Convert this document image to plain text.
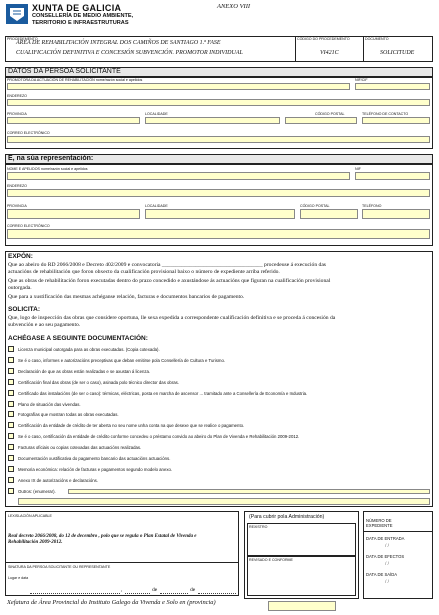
XUNTA DE GALICIA
CONSELLERÍA DE MEDIO AMBIENTE,
TERRITORIO E INFRAESTRUTURAS
ANEXO VIII
PROCEDEMENTO
ÁREA DE REHABILITACIÓN INTEGRAL DOS CAMIÑOS DE SANTIAGO 1.ª FASE
CUALIFICACIÓN DEFINITIVA E CONCESIÓN SUBVENCIÓN. PROMOTOR INDIVIDUAL
CÓDIGO DO PROCEDEMENTO
VI421C
DOCUMENTO
SOLICITUDE
DATOS DA PERSOA SOLICITANTE
PROMOTORA DA ACTUACIÓN DE REHABILITACIÓN nome/razón social e apelidos	NIF/CIF
ENDEREZO
PROVINCIA	LOCALIDADE	CÓDIGO POSTAL	TELÉFONO DE CONTACTO
CORREO ELECTRÓNICO
E, na súa representación:
NOME E APELIDOS nome/razón social e apelidos	NIF
ENDEREZO
PROVINCIA	LOCALIDADE	CÓDIGO POSTAL	TELÉFONO
CORREO ELECTRÓNICO
EXPÓN:
Que ao abeiro do RD 2066/2008 e Decreto 402/2009 e convocatoria ____________________________________ procedeuse á execución das
actuacións de rehabilitación que foron obxecto da cualificación provisional baixo o número de expediente arriba referido.
Que as obras de rehabilitación foron executadas dentro do prazo concedido e axustándose ás actuacións que figuran na cualificación provisional
outorgada.
Que para a xustificación das mesmas achéganse relación, facturas e documentos bancarios de pagamento.
SOLICITA:
Que, logo de inspección das obras que considere oportuna, lle sexa expedida a correspondente cualificación definitiva e se proceda á concesión da
subvención e ao seu pagamento.
ACHÉGASE A SEGUINTE DOCUMENTACIÓN:
Licenza municipal outorgada para as obras executadas. (Copia cotexada).
Se é o caso, informes e autorizacións preceptivas que deban emitirse pola Consellería de Cultura e Turismo.
Declaración de que as obras están realizadas e se axustan á licenza.
Certificación final das obras (de ser o caso), asinada polo técnico director das obras.
Certificado das instalacións (de ser o caso): térmicas, eléctricas, posta en marcha de ascensor ... tramitado ante a Consellería de Economía e Industria.
Plano de situación das vivendas.
Fotografías que mostran todas as obras executadas.
Certificación da entidade de crédito de ter aberta no seu nome unha conta na que desexe que se realice o pagamento.
Se é o caso, certificación da entidade de crédito conforme concedeu o préstamo convido ao abeiro do Plan de Vivenda e Rehabilitación 2009-2012.
Facturas oficiais ou copias cotexadas das actuacións realizadas.
Documentación xustificativa do pagamento bancario das actuacións actuacións.
Memoria económica: relación de facturas e pagamentos segundo modelo anexo.
Anexo IX de autorizacións e declaracións.
Outros: (enumerar).
LEXISLACIÓN APLICABLE
Real decreto 2066/2008, do 12 de decembro , polo que se regula o Plan Estatal de Vivenda e
Rehabilitación 2009-2012.
SINATURA DA PERSOA SOLICITANTE OU REPRESENTANTE
Lugar e data
,	de	de
(Para cubrir pola Administración)
REXISTRO
REVISADO E CONFORME
NÚMERO DE EXPEDIENTE
DATA DE ENTRADA
/ /
DATA DE EFECTOS
/ /
DATA DE SAÍDA
/ /
Xefatura de Área Provincial do Instituto Galego da Vivenda e Solo en (provincia)
